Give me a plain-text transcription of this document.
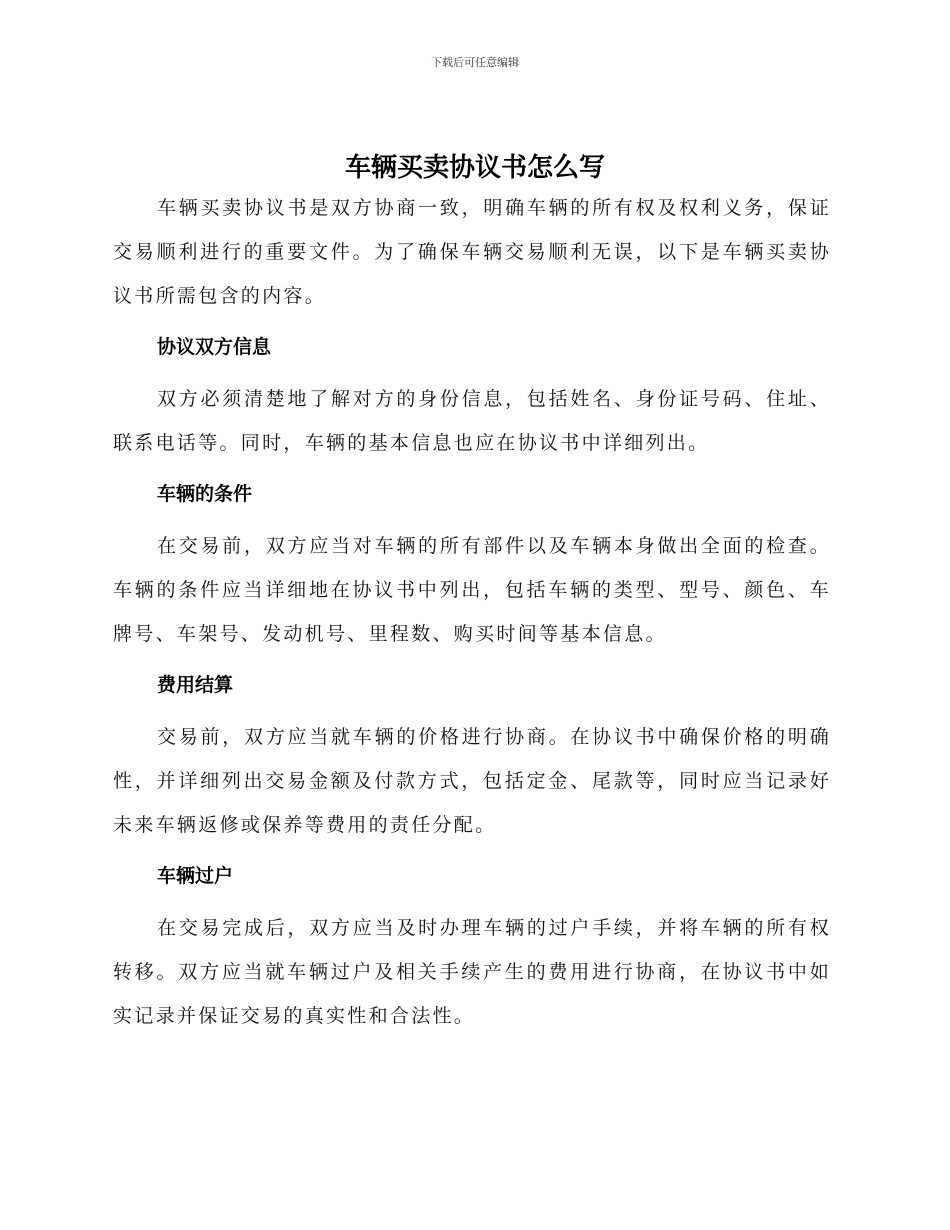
下载后可任意编辑
车辆买卖协议书怎么写

车辆买卖协议书是双方协商一致，明确车辆的所有权及权利义务，保证交易顺利进行的重要文件。为了确保车辆交易顺利无误，以下是车辆买卖协议书所需包含的内容。

协议双方信息

双方必须清楚地了解对方的身份信息，包括姓名、身份证号码、住址、联系电话等。同时，车辆的基本信息也应在协议书中详细列出。

车辆的条件

在交易前，双方应当对车辆的所有部件以及车辆本身做出全面的检查。车辆的条件应当详细地在协议书中列出，包括车辆的类型、型号、颜色、车牌号、车架号、发动机号、里程数、购买时间等基本信息。

费用结算

交易前，双方应当就车辆的价格进行协商。在协议书中确保价格的明确性，并详细列出交易金额及付款方式，包括定金、尾款等，同时应当记录好未来车辆返修或保养等费用的责任分配。

车辆过户

在交易完成后，双方应当及时办理车辆的过户手续，并将车辆的所有权转移。双方应当就车辆过户及相关手续产生的费用进行协商，在协议书中如实记录并保证交易的真实性和合法性。
